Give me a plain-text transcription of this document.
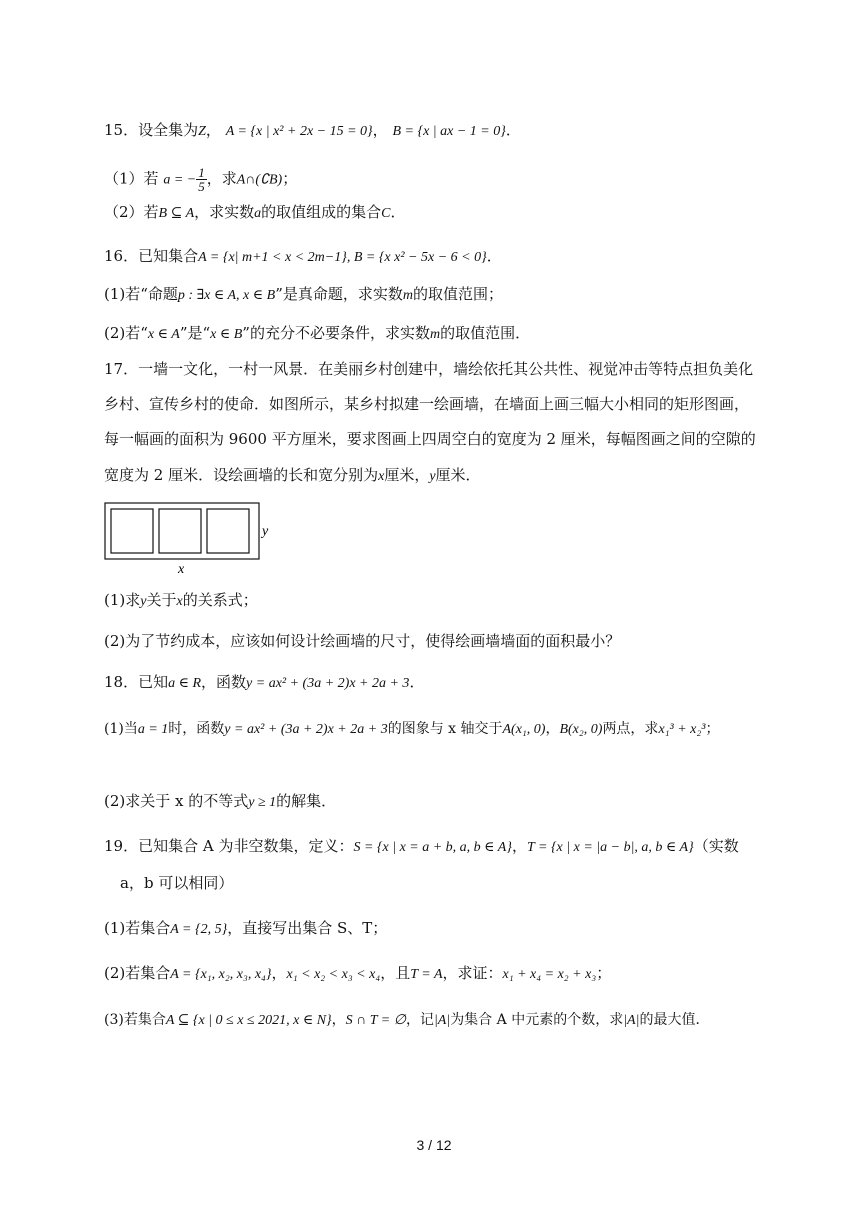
15．设全集为Z， A = {x | x² + 2x − 15 = 0}， B = {x | ax − 1 = 0}．
（1）若 a = − $\frac{1}{5}$ ，求A∩(∁B)；
（2）若B ⊆ A，求实数a的取值组成的集合C．
16．已知集合A = {x| m+1 < x < 2m−1}, B = {x x² − 5x − 6 < 0}．
(1)若“命题p : ∃x ∈ A, x ∈ B”是真命题，求实数m的取值范围；
(2)若“x ∈ A”是“x ∈ B”的充分不必要条件，求实数m的取值范围．
17．一墙一文化，一村一风景．在美丽乡村创建中，墙绘依托其公共性、视觉冲击等特点担负美化
乡村、宣传乡村的使命．如图所示，某乡村拟建一绘画墙，在墙面上画三幅大小相同的矩形图画，
每一幅画的面积为 9600 平方厘米，要求图画上四周空白的宽度为 2 厘米，每幅图画之间的空隙的
宽度为 2 厘米．设绘画墙的长和宽分别为x厘米，y厘米．
y
x
(1)求y关于x的关系式；
(2)为了节约成本，应该如何设计绘画墙的尺寸，使得绘画墙墙面的面积最小？
18．已知a ∈ R，函数y = ax² + (3a + 2)x + 2a + 3．
(1)当a = 1时，函数y = ax² + (3a + 2)x + 2a + 3的图象与 x 轴交于A(x₁, 0)，B(x₂, 0)两点，求x₁³ + x₂³；
(2)求关于 x 的不等式y ≥ 1的解集．
19．已知集合 A 为非空数集，定义：S = {x | x = a + b, a, b ∈ A}，T = {x | x = |a − b|, a, b ∈ A}（实数
a，b 可以相同）
(1)若集合A = {2, 5}，直接写出集合 S、T；
(2)若集合A = {x₁, x₂, x₃, x₄}，x₁ < x₂ < x₃ < x₄，且T = A，求证：x₁ + x₄ = x₂ + x₃；
(3)若集合A ⊆ {x | 0 ≤ x ≤ 2021, x ∈ N}，S ∩ T = ∅，记|A|为集合 A 中元素的个数，求|A|的最大值．
3 / 12
